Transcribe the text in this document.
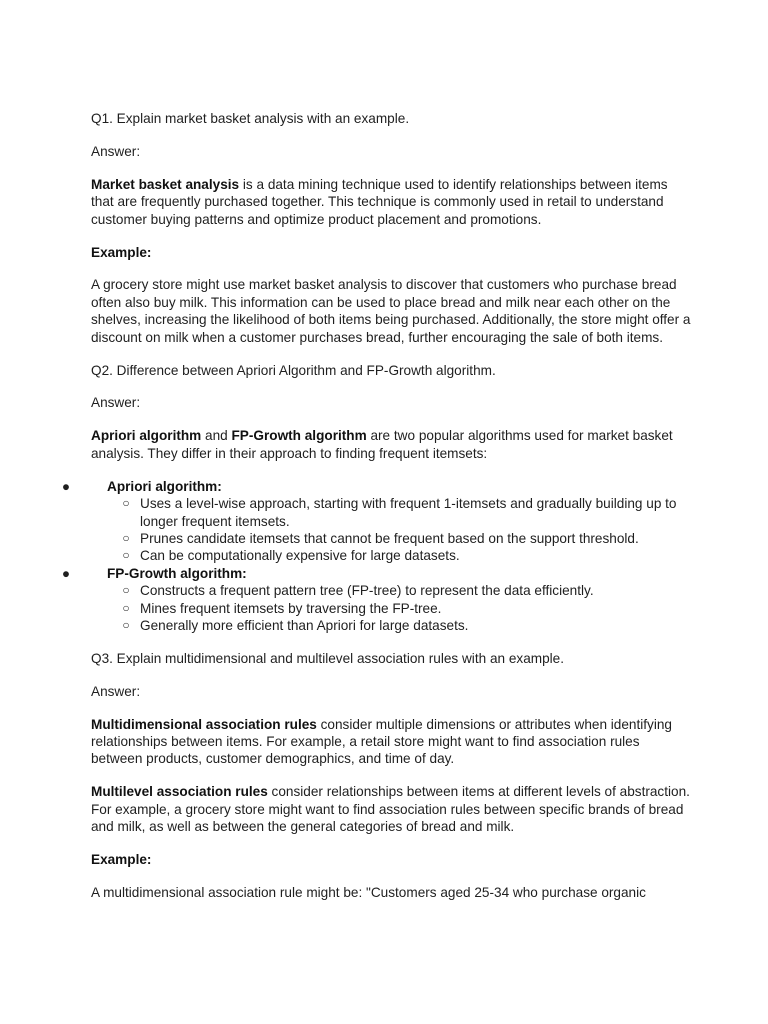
Q1. Explain market basket analysis with an example.

Answer:

Market basket analysis is a data mining technique used to identify relationships between items that are frequently purchased together. This technique is commonly used in retail to understand customer buying patterns and optimize product placement and promotions.

Example:

A grocery store might use market basket analysis to discover that customers who purchase bread often also buy milk. This information can be used to place bread and milk near each other on the shelves, increasing the likelihood of both items being purchased. Additionally, the store might offer a discount on milk when a customer purchases bread, further encouraging the sale of both items.

Q2. Difference between Apriori Algorithm and FP-Growth algorithm.

Answer:

Apriori algorithm and FP-Growth algorithm are two popular algorithms used for market basket analysis. They differ in their approach to finding frequent itemsets:

●	Apriori algorithm:
○ Uses a level-wise approach, starting with frequent 1-itemsets and gradually building up to longer frequent itemsets.
○ Prunes candidate itemsets that cannot be frequent based on the support threshold.
○ Can be computationally expensive for large datasets.
●	FP-Growth algorithm:
○ Constructs a frequent pattern tree (FP-tree) to represent the data efficiently.
○ Mines frequent itemsets by traversing the FP-tree.
○ Generally more efficient than Apriori for large datasets.

Q3. Explain multidimensional and multilevel association rules with an example.

Answer:

Multidimensional association rules consider multiple dimensions or attributes when identifying relationships between items. For example, a retail store might want to find association rules between products, customer demographics, and time of day.

Multilevel association rules consider relationships between items at different levels of abstraction. For example, a grocery store might want to find association rules between specific brands of bread and milk, as well as between the general categories of bread and milk.

Example:

A multidimensional association rule might be: "Customers aged 25-34 who purchase organic
